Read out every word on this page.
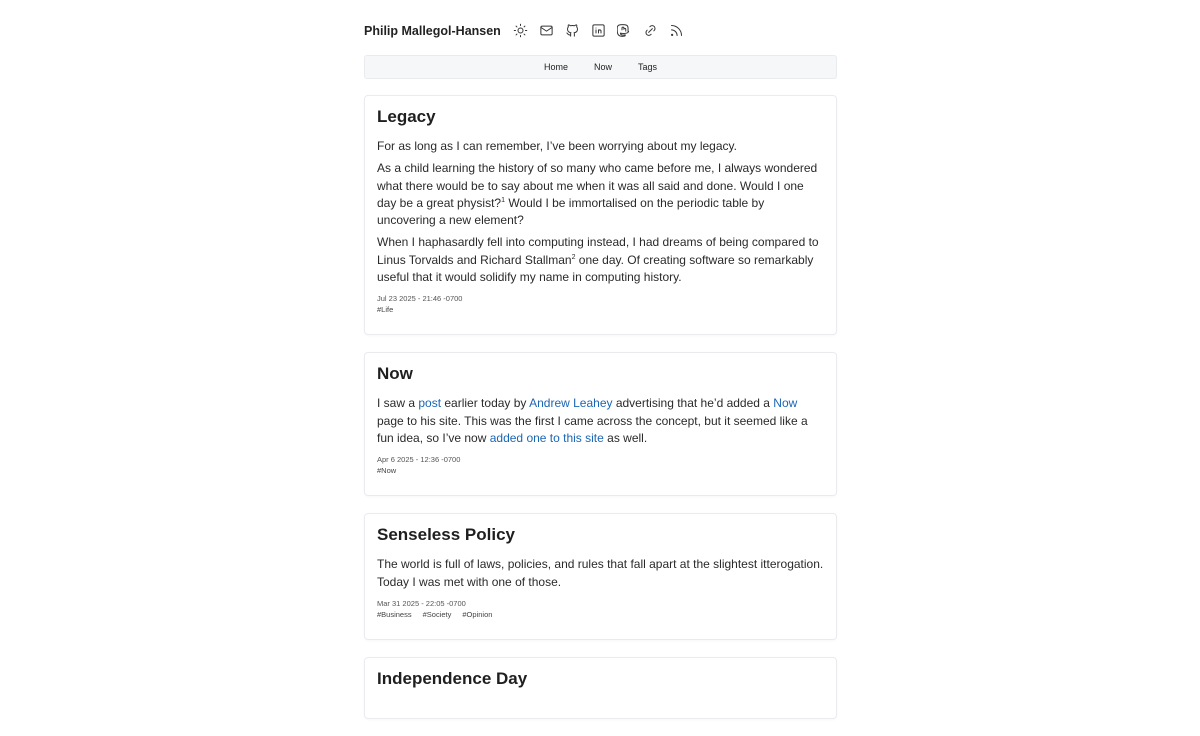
Philip Mallegol-Hansen
Home	Now	Tags
Legacy

For as long as I can remember, I’ve been worrying about my legacy.

As a child learning the history of so many who came before me, I always wondered what there would be to say about me when it was all said and done. Would I one day be a great physist?$^1$ Would I be immortalised on the periodic table by uncovering a new element?

When I haphasardly fell into computing instead, I had dreams of being compared to Linus Torvalds and Richard Stallman$^2$ one day. Of creating software so remarkably useful that it would solidify my name in computing history.

Jul 23 2025 - 21:46 -0700
#Life
Now

I saw a post earlier today by Andrew Leahey advertising that he’d added a Now page to his site. This was the first I came across the concept, but it seemed like a fun idea, so I’ve now added one to this site as well.

Apr 6 2025 - 12:36 -0700
#Now
Senseless Policy

The world is full of laws, policies, and rules that fall apart at the slightest itterogation. Today I was met with one of those.

Mar 31 2025 - 22:05 -0700
#Business #Society #Opinion
Independence Day
